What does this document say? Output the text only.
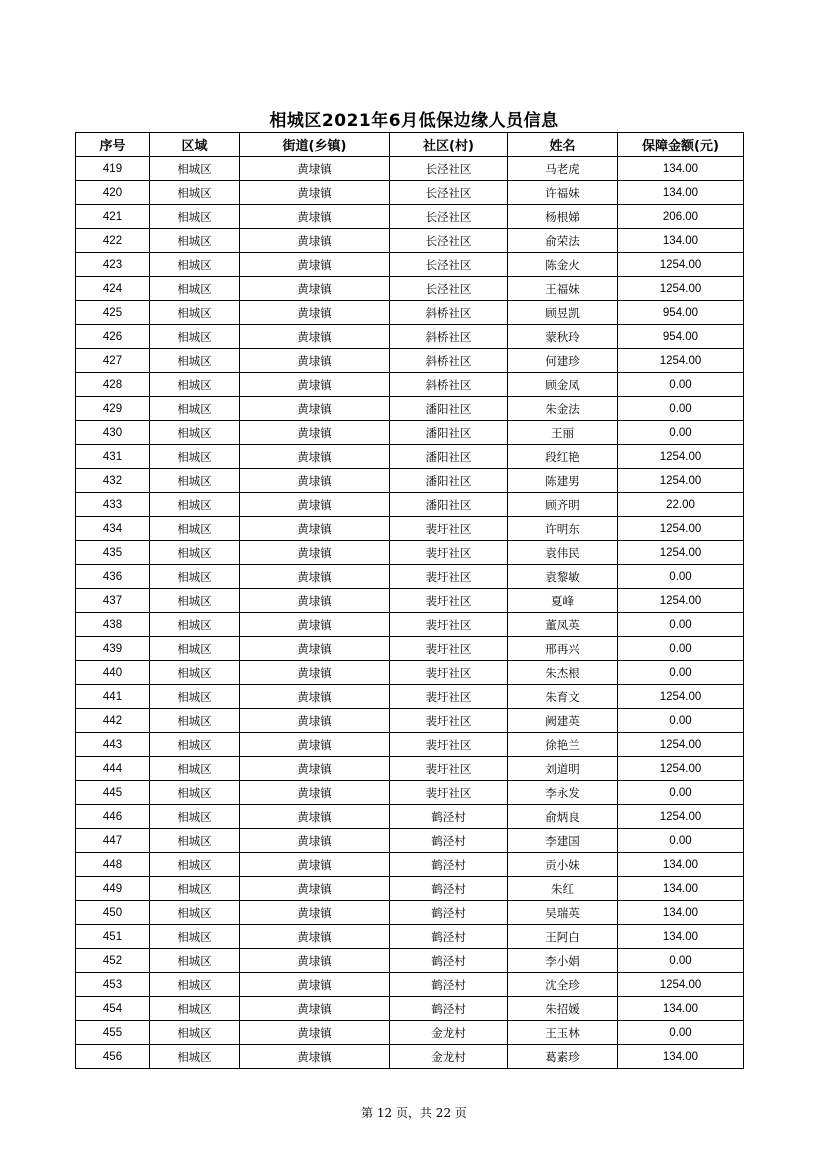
相城区2021年6月低保边缘人员信息
序号	区域	街道(乡镇)	社区(村)	姓名	保障金额(元)
419	相城区	黄埭镇	长泾社区	马老虎	134.00
420	相城区	黄埭镇	长泾社区	许福妹	134.00
421	相城区	黄埭镇	长泾社区	杨根娣	206.00
422	相城区	黄埭镇	长泾社区	俞荣法	134.00
423	相城区	黄埭镇	长泾社区	陈金火	1254.00
424	相城区	黄埭镇	长泾社区	王福妹	1254.00
425	相城区	黄埭镇	斜桥社区	顾昱凯	954.00
426	相城区	黄埭镇	斜桥社区	蒙秋玲	954.00
427	相城区	黄埭镇	斜桥社区	何建珍	1254.00
428	相城区	黄埭镇	斜桥社区	顾金凤	0.00
429	相城区	黄埭镇	潘阳社区	朱金法	0.00
430	相城区	黄埭镇	潘阳社区	王丽	0.00
431	相城区	黄埭镇	潘阳社区	段红艳	1254.00
432	相城区	黄埭镇	潘阳社区	陈建男	1254.00
433	相城区	黄埭镇	潘阳社区	顾齐明	22.00
434	相城区	黄埭镇	裴圩社区	许明东	1254.00
435	相城区	黄埭镇	裴圩社区	袁伟民	1254.00
436	相城区	黄埭镇	裴圩社区	袁黎敏	0.00
437	相城区	黄埭镇	裴圩社区	夏峰	1254.00
438	相城区	黄埭镇	裴圩社区	董凤英	0.00
439	相城区	黄埭镇	裴圩社区	邢再兴	0.00
440	相城区	黄埭镇	裴圩社区	朱杰根	0.00
441	相城区	黄埭镇	裴圩社区	朱育文	1254.00
442	相城区	黄埭镇	裴圩社区	阙建英	0.00
443	相城区	黄埭镇	裴圩社区	徐艳兰	1254.00
444	相城区	黄埭镇	裴圩社区	刘道明	1254.00
445	相城区	黄埭镇	裴圩社区	李永发	0.00
446	相城区	黄埭镇	鹤泾村	俞炳良	1254.00
447	相城区	黄埭镇	鹤泾村	李建国	0.00
448	相城区	黄埭镇	鹤泾村	贡小妹	134.00
449	相城区	黄埭镇	鹤泾村	朱红	134.00
450	相城区	黄埭镇	鹤泾村	吴瑞英	134.00
451	相城区	黄埭镇	鹤泾村	王阿白	134.00
452	相城区	黄埭镇	鹤泾村	李小娟	0.00
453	相城区	黄埭镇	鹤泾村	沈全珍	1254.00
454	相城区	黄埭镇	鹤泾村	朱招媛	134.00
455	相城区	黄埭镇	金龙村	王玉林	0.00
456	相城区	黄埭镇	金龙村	葛素珍	134.00
第 12 页，共 22 页
